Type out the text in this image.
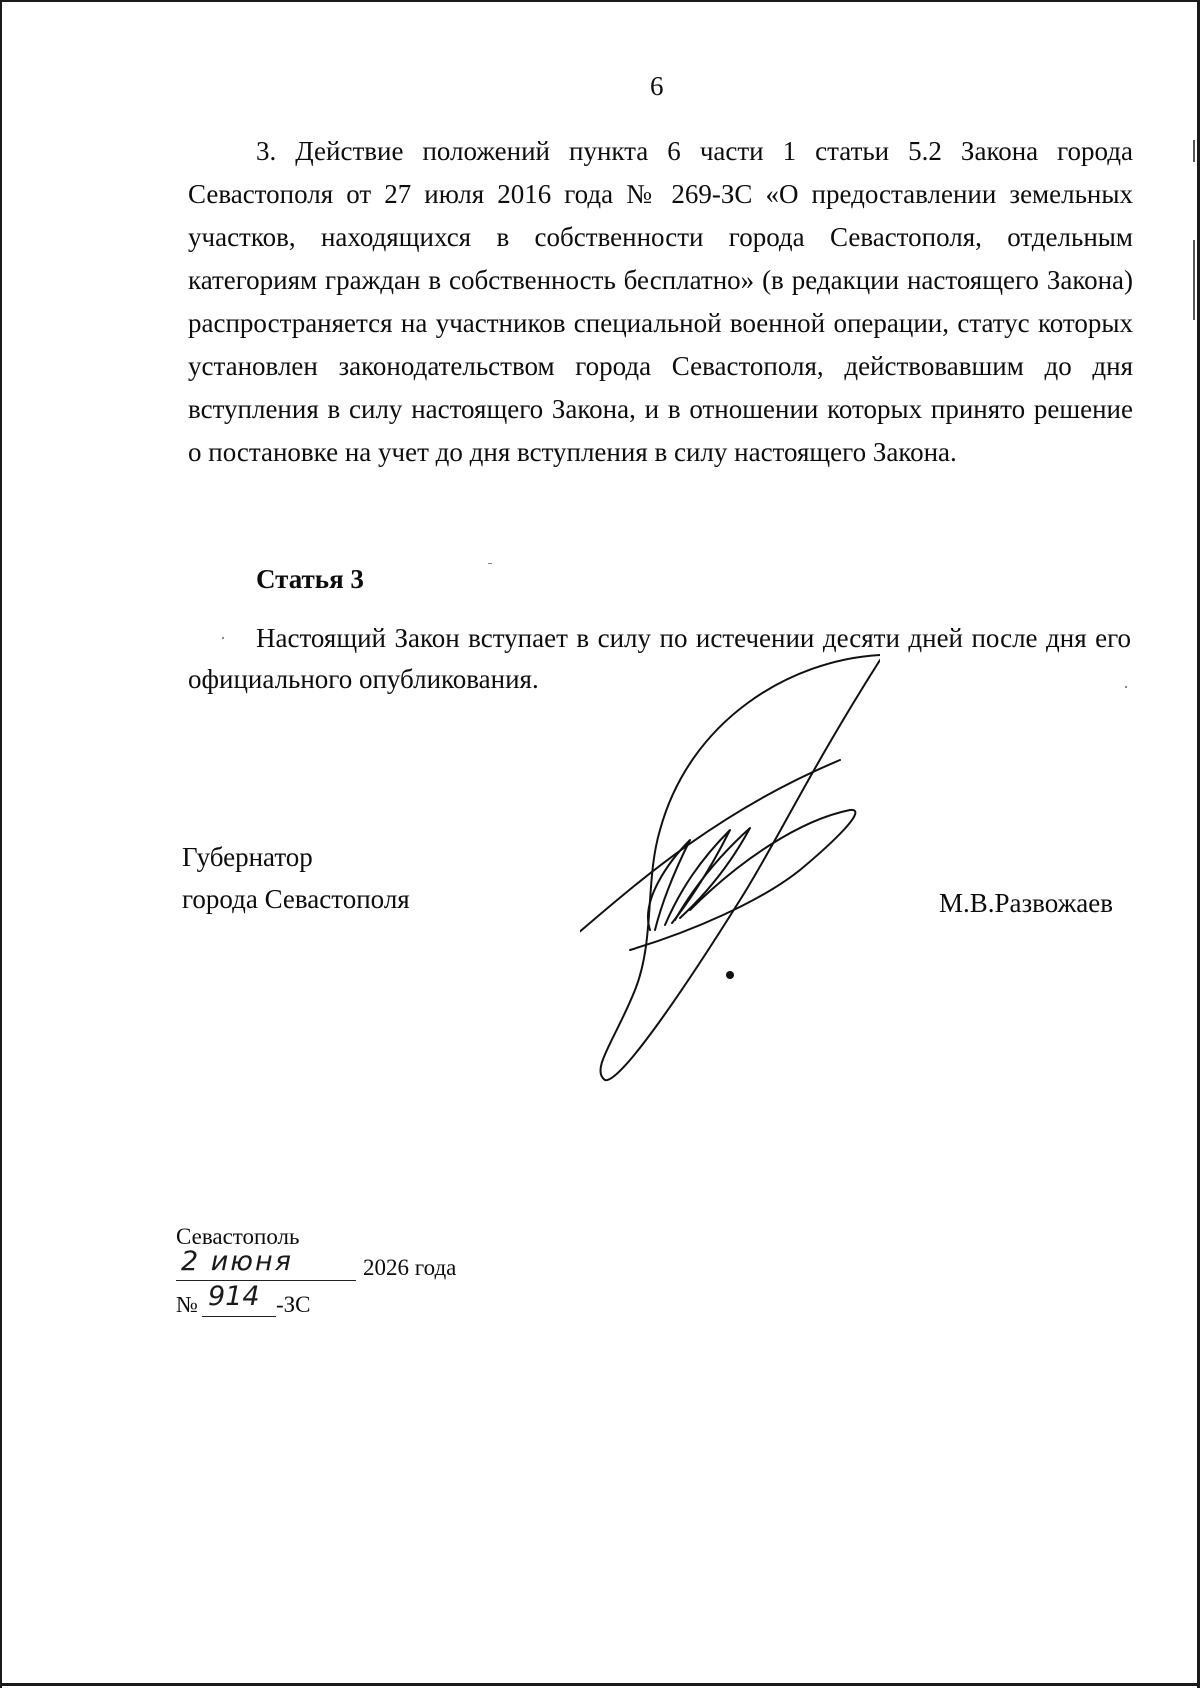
6

3. Действие положений пункта 6 части 1 статьи 5.2 Закона города Севастополя от 27 июля 2016 года № 269-ЗС «О предоставлении земельных участков, находящихся в собственности города Севастополя, отдельным категориям граждан в собственность бесплатно» (в редакции настоящего Закона) распространяется на участников специальной военной операции, статус которых установлен законодательством города Севастополя, действовавшим до дня вступления в силу настоящего Закона, и в отношении которых принято решение о постановке на учет до дня вступления в силу настоящего Закона.

Статья 3

Настоящий Закон вступает в силу по истечении десяти дней после дня его официального опубликования.

Губернатор
города Севастополя	М.В.Развожаев
Севастополь
2 июня	2026 года
№ 914 -ЗС
